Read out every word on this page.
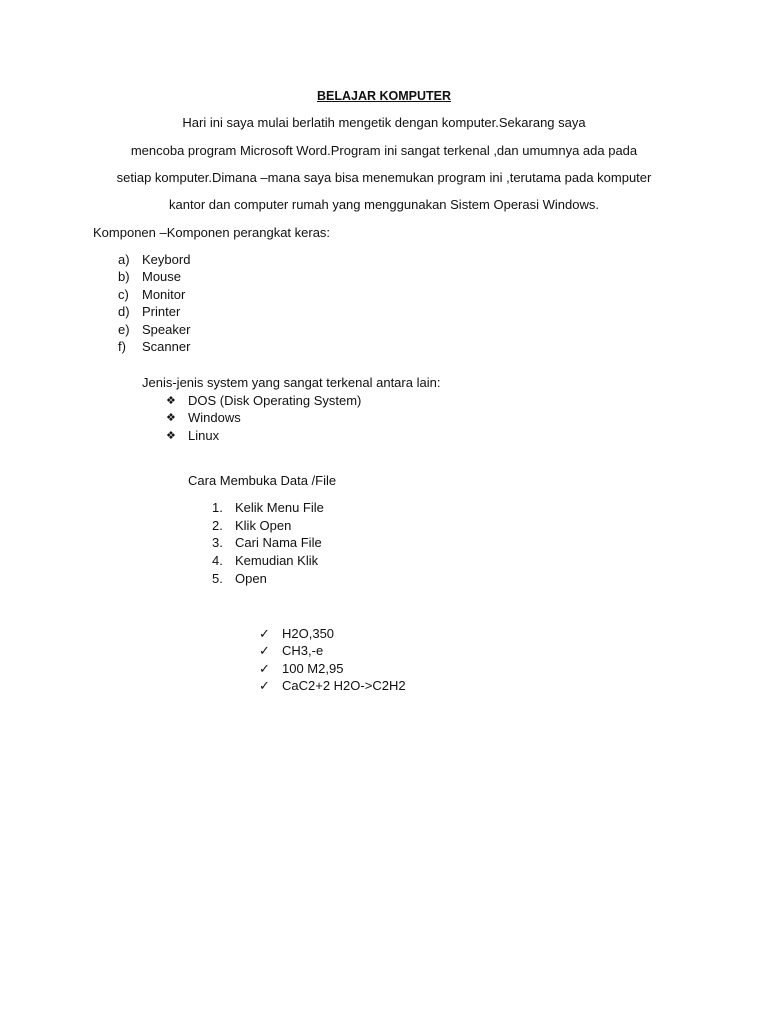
BELAJAR KOMPUTER
Hari ini saya mulai berlatih mengetik dengan komputer.Sekarang saya
mencoba program Microsoft Word.Program ini sangat terkenal ,dan umumnya ada pada
setiap komputer.Dimana –mana saya bisa menemukan program ini ,terutama pada komputer
kantor dan computer rumah yang menggunakan Sistem Operasi Windows.
Komponen –Komponen perangkat keras:
a) Keybord
b) Mouse
c) Monitor
d) Printer
e) Speaker
f) Scanner
Jenis-jenis system yang sangat terkenal antara lain:
❖ DOS (Disk Operating System)
❖ Windows
❖ Linux
Cara Membuka Data /File
1. Kelik Menu File
2. Klik Open
3. Cari Nama File
4. Kemudian Klik
5. Open
✓ H2O,350
✓ CH3,-e
✓ 100 M2,95
✓ CaC2+2 H2O->C2H2
